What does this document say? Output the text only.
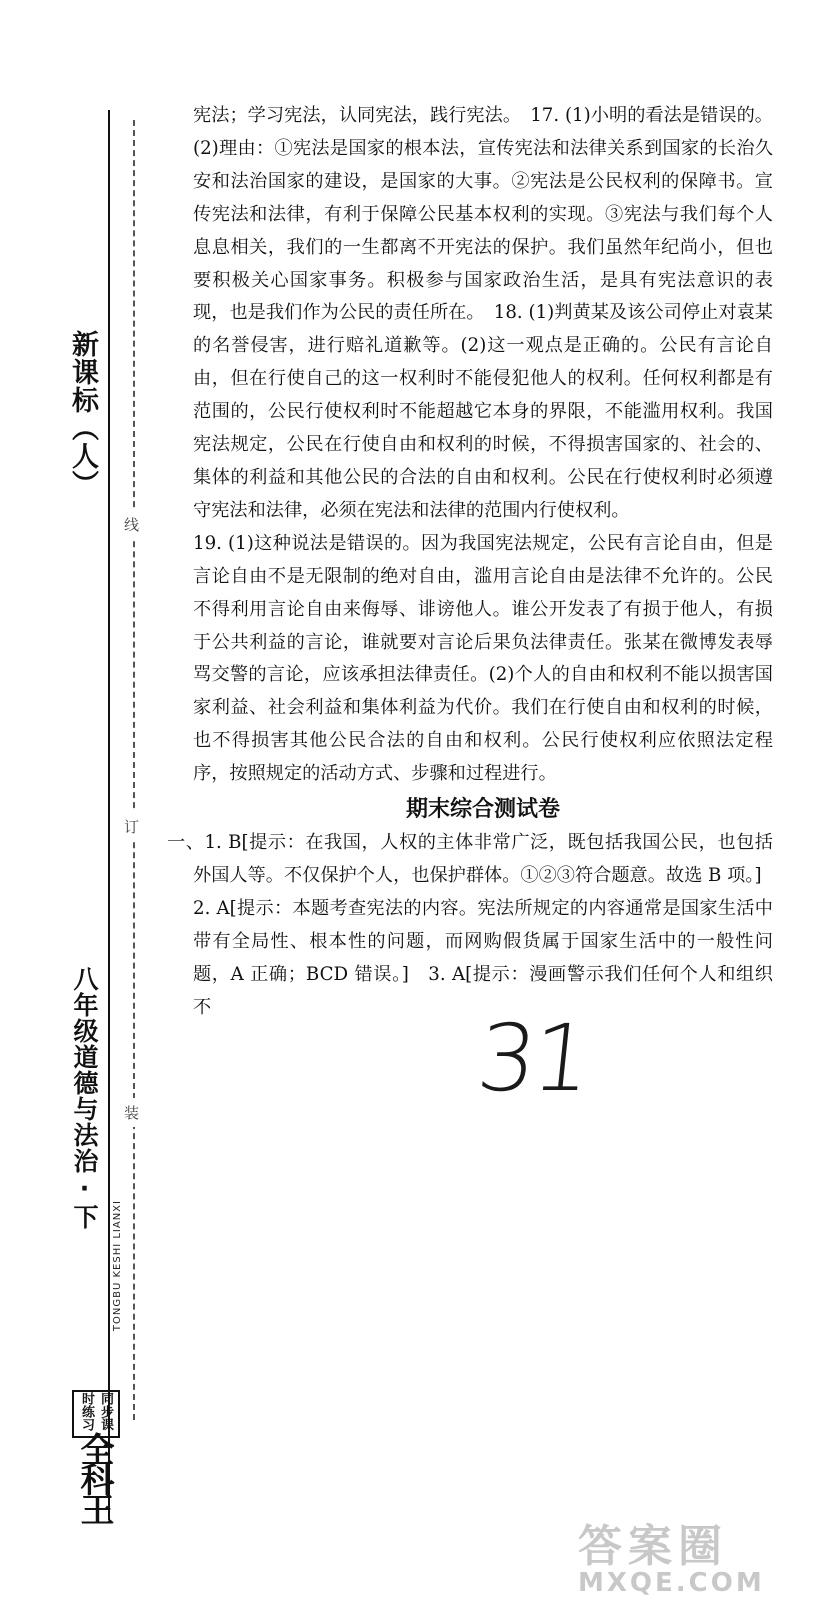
线
订
装
新课标（人）
八年级道德与法治·下
TONGBU KESHI LIANXI
同步课时练习
全科王

宪法；学习宪法，认同宪法，践行宪法。　17. (1)小明的看法是错误的。(2)理由：①宪法是国家的根本法，宣传宪法和法律关系到国家的长治久安和法治国家的建设，是国家的大事。②宪法是公民权利的保障书。宣传宪法和法律，有利于保障公民基本权利的实现。③宪法与我们每个人息息相关，我们的一生都离不开宪法的保护。我们虽然年纪尚小，但也要积极关心国家事务。积极参与国家政治生活，是具有宪法意识的表现，也是我们作为公民的责任所在。　18. (1)判黄某及该公司停止对袁某的名誉侵害，进行赔礼道歉等。(2)这一观点是正确的。公民有言论自由，但在行使自己的这一权利时不能侵犯他人的权利。任何权利都是有范围的，公民行使权利时不能超越它本身的界限，不能滥用权利。我国宪法规定，公民在行使自由和权利的时候，不得损害国家的、社会的、集体的利益和其他公民的合法的自由和权利。公民在行使权利时必须遵守宪法和法律，必须在宪法和法律的范围内行使权利。

19. (1)这种说法是错误的。因为我国宪法规定，公民有言论自由，但是言论自由不是无限制的绝对自由，滥用言论自由是法律不允许的。公民不得利用言论自由来侮辱、诽谤他人。谁公开发表了有损于他人，有损于公共利益的言论，谁就要对言论后果负法律责任。张某在微博发表辱骂交警的言论，应该承担法律责任。(2)个人的自由和权利不能以损害国家利益、社会利益和集体利益为代价。我们在行使自由和权利的时候，也不得损害其他公民合法的自由和权利。公民行使权利应依照法定程序，按照规定的活动方式、步骤和过程进行。

期末综合测试卷

一、1. B[提示：在我国，人权的主体非常广泛，既包括我国公民，也包括外国人等。不仅保护个人，也保护群体。①②③符合题意。故选 B 项。]

2. A[提示：本题考查宪法的内容。宪法所规定的内容通常是国家生活中带有全局性、根本性的问题，而网购假货属于国家生活中的一般性问题，A 正确；BCD 错误。]　3. A[提示：漫画警示我们任何个人和组织不	31
答案圈
MXQE.COM
